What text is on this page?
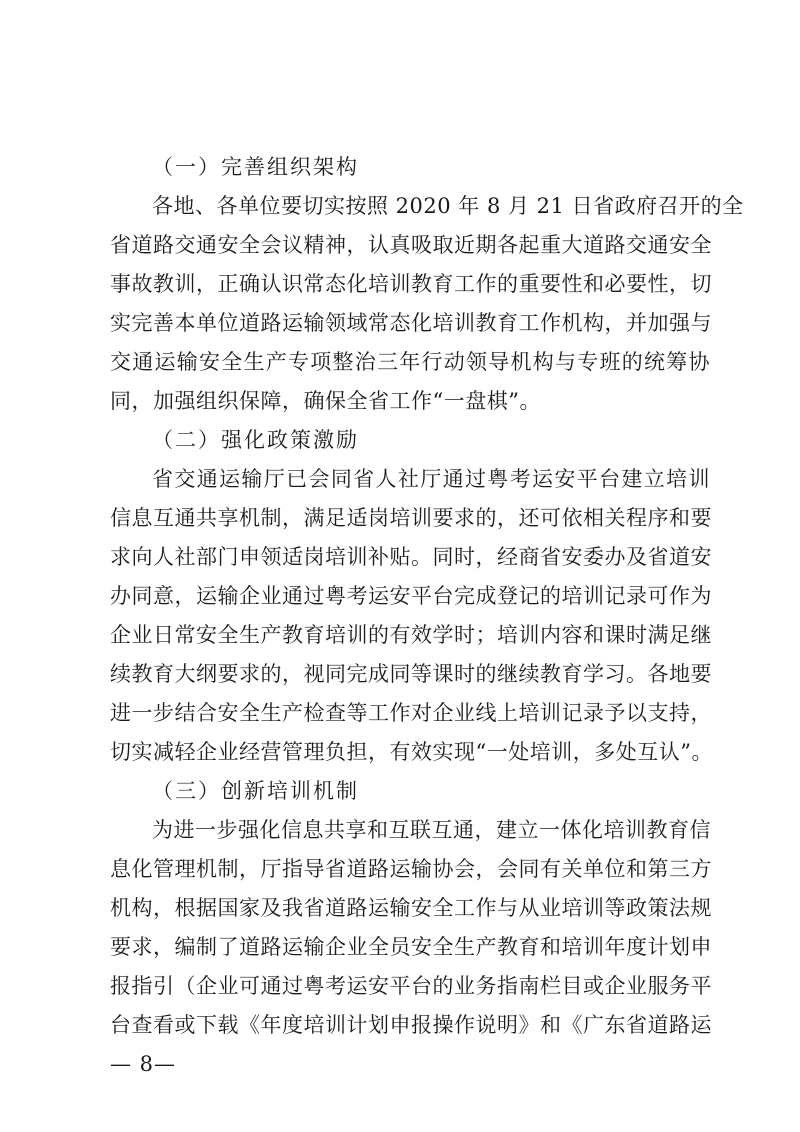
（一）完善组织架构
各地、各单位要切实按照 2020 年 8 月 21 日省政府召开的全
省道路交通安全会议精神，认真吸取近期各起重大道路交通安全
事故教训，正确认识常态化培训教育工作的重要性和必要性，切
实完善本单位道路运输领域常态化培训教育工作机构，并加强与
交通运输安全生产专项整治三年行动领导机构与专班的统筹协
同，加强组织保障，确保全省工作“一盘棋”。
（二）强化政策激励
省交通运输厅已会同省人社厅通过粤考运安平台建立培训
信息互通共享机制，满足适岗培训要求的，还可依相关程序和要
求向人社部门申领适岗培训补贴。同时，经商省安委办及省道安
办同意，运输企业通过粤考运安平台完成登记的培训记录可作为
企业日常安全生产教育培训的有效学时；培训内容和课时满足继
续教育大纲要求的，视同完成同等课时的继续教育学习。各地要
进一步结合安全生产检查等工作对企业线上培训记录予以支持，
切实减轻企业经营管理负担，有效实现“一处培训，多处互认”。
（三）创新培训机制
为进一步强化信息共享和互联互通，建立一体化培训教育信
息化管理机制，厅指导省道路运输协会，会同有关单位和第三方
机构，根据国家及我省道路运输安全工作与从业培训等政策法规
要求，编制了道路运输企业全员安全生产教育和培训年度计划申
报指引（企业可通过粤考运安平台的业务指南栏目或企业服务平
台查看或下载《年度培训计划申报操作说明》和《广东省道路运
— 8—
